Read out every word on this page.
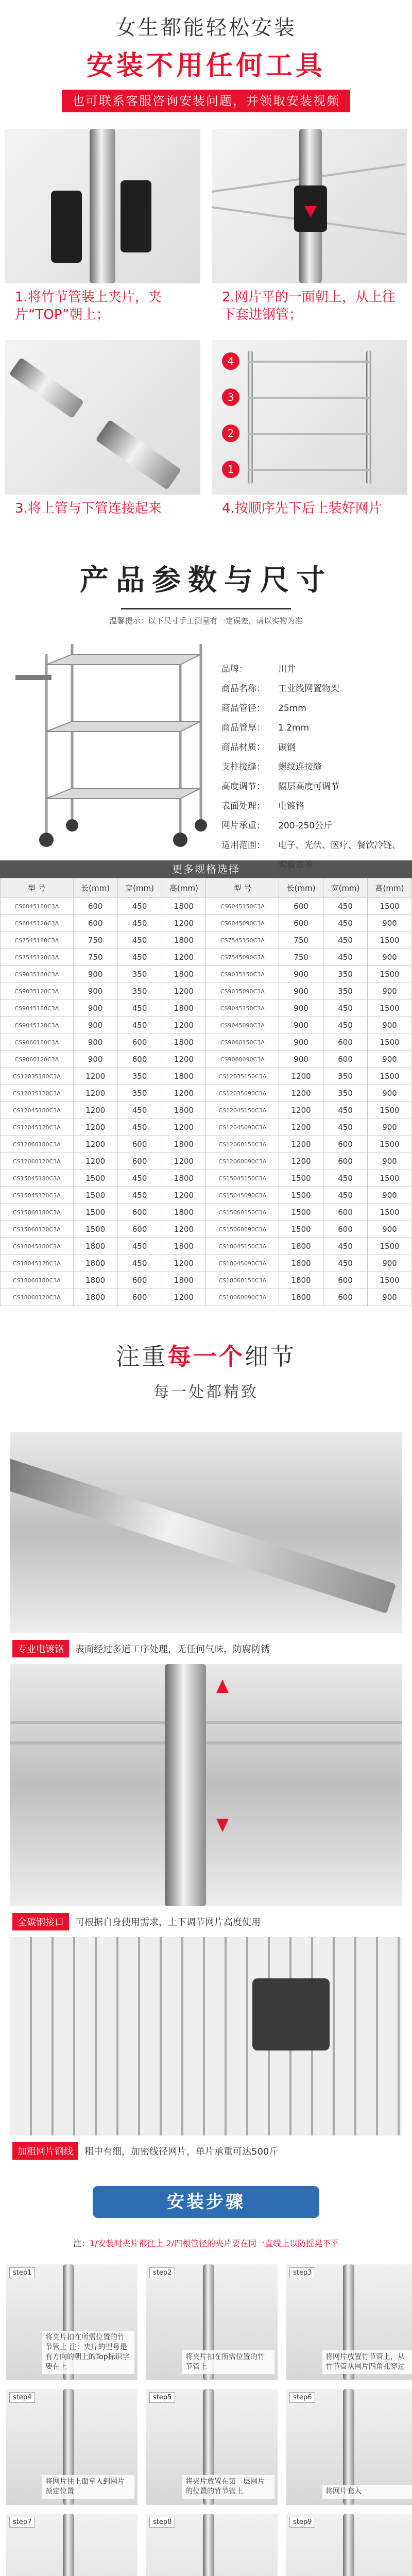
女生都能轻松安装
安装不用任何工具
也可联系客服咨询安装问题，并领取安装视频
1.将竹节管装上夹片，夹片“TOP”朝上；
2.网片平的一面朝上，从上往下套进钢管；
4
3
2
1
3.将上管与下管连接起来	4.按顺序先下后上装好网片
产品参数与尺寸
温馨提示：以下尺寸手工测量有一定误差，请以实物为准
品牌：	川井
商品名称：	工业线网置物架
商品管径：	25mm
商品管厚：	1.2mm
商品材质：	碳钢
支柱接缝：	螺纹连接缝
高度调节：	隔层高度可调节
表面处理：	电镀铬
网片承重：	200-250公斤
适用范围：	电子、光伏、医疗、餐饮冷链、实验室等
更多规格选择
型 号	长(mm)	宽(mm)	高(mm)	型 号	长(mm)	宽(mm)	高(mm)
CS6045180C3A	600	450	1800	CS6045150C3A	600	450	1500
CS6045120C3A	600	450	1200	CS6045090C3A	600	450	900
CS7545180C3A	750	450	1800	CS7545150C3A	750	450	1500
CS7545120C3A	750	450	1200	CS7545090C3A	750	450	900
CS9035180C3A	900	350	1800	CS9035150C3A	900	350	1500
CS9035120C3A	900	350	1200	CS9035090C3A	900	350	900
CS9045180C3A	900	450	1800	CS9045150C3A	900	450	1500
CS9045120C3A	900	450	1200	CS9045090C3A	900	450	900
CS9060180C3A	900	600	1800	CS9060150C3A	900	600	1500
CS9060120C3A	900	600	1200	CS9060090C3A	900	600	900
CS12035180C3A	1200	350	1800	CS12035150C3A	1200	350	1500
CS12035120C3A	1200	350	1200	CS12035090C3A	1200	350	900
CS12045180C3A	1200	450	1800	CS12045150C3A	1200	450	1500
CS12045120C3A	1200	450	1200	CS12045090C3A	1200	450	900
CS12060180C3A	1200	600	1800	CS12060150C3A	1200	600	1500
CS12060120C3A	1200	600	1200	CS12060090C3A	1200	600	900
CS15045180C3A	1500	450	1800	CS15045150C3A	1500	450	1500
CS15045120C3A	1500	450	1200	CS15045090C3A	1500	450	900
CS15060180C3A	1500	600	1800	CS15060150C3A	1500	600	1500
CS15060120C3A	1500	600	1200	CS15060090C3A	1500	600	900
CS18045180C3A	1800	450	1800	CS18045150C3A	1800	450	1500
CS18045120C3A	1800	450	1200	CS18045090C3A	1800	450	900
CS18060180C3A	1800	600	1800	CS18060150C3A	1800	600	1500
CS18060120C3A	1800	600	1200	CS18060090C3A	1800	600	900
注重每一个细节
每一处都精致
专业电镀铬	表面经过多道工序处理，无任何气味，防腐防锈
全碳钢接口	可根据自身使用需求，上下调节网片高度使用
加粗网片钢线	粗中有细，加密线径网片，单片承重可达500斤
安装步骤
注：1/安装时夹片都往上 2/四根管径的夹片要在同一直线上以防摇晃不平
step1
将夹片扣在所需位置的竹节管上 注：夹片的型号是有方向的朝上的Top标识字要在上
step2
将夹片扣在所需位置的竹节管上
step3
将网片放置竹节管上，从竹节管从网片四角孔穿过
step4
将网片往上面拿入到网片预定位置
step5
将夹片放置在第二层网片的位置的竹节管上
step6
将网片套入
step7	step8	step9
